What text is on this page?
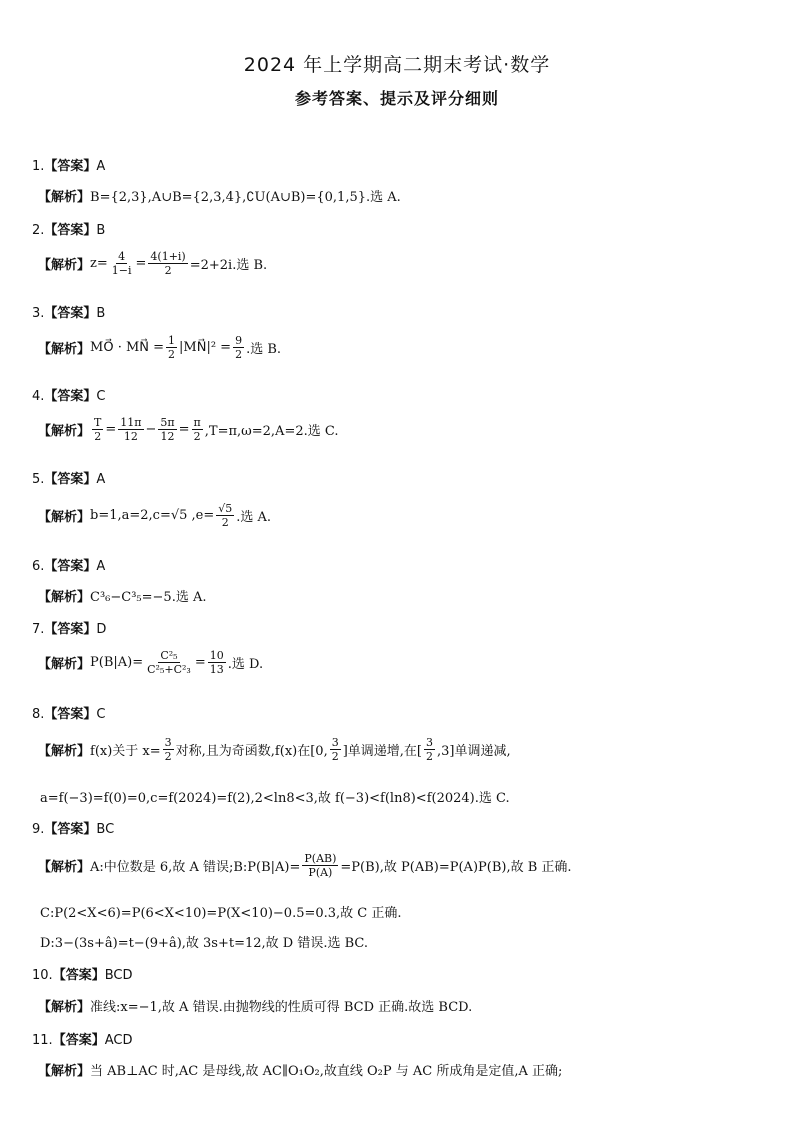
2024 年上学期高二期末考试·数学
参考答案、提示及评分细则
1.【答案】A
【解析】 B={2,3},A∪B={2,3,4},∁U(A∪B)={0,1,5}.选 A.
2.【答案】B
【解析】 $z= \frac{4}{1-i} = \frac{4(1+i)}{2} =2+2i$.选 B.
3.【答案】B
【解析】 MO⃗ · MN⃗ = $\frac{1}{2}$ |MN⃗|² = $\frac{9}{2}$ .选 B.
4.【答案】C
【解析】 $\frac{T}{2} = \frac{11\pi}{12} - \frac{5\pi}{12} = \frac{\pi}{2} ,T=\pi,\omega=2,A=2$.选 C.
5.【答案】A
【解析】 b=1,a=2,c=√5 $,e= \frac{√5}{2}$ .选 A.
6.【答案】A
【解析】 C³₆−C³₅=−5.选 A.
7.【答案】D
【解析】 $P(B|A)= \frac{\text{C²₅}}{\text{C²₅+C²₃}} = \frac{10}{13}$ .选 D.
8.【答案】C
【解析】 f(x)关于 $x= \frac{3}{2}$ 对称,且为奇函数,f(x)在[0, $\frac{3}{2}$ ]单调递增,在[ $\frac{3}{2} ,3$]单调递减,
a=f(−3)=f(0)=0,c=f(2024)=f(2),2<ln8<3,故 f(−3)<f(ln8)<f(2024).选 C.
9.【答案】BC
【解析】 A:中位数是 6,故 A 错误;B:P(B|A)= $\frac{P(AB)}{P(A)} =P(B)$,故 P(AB)=P(A)P(B),故 B 正确.
C:P(2<X<6)=P(6<X<10)=P(X<10)−0.5=0.3,故 C 正确.
D:3−(3s+â)=t−(9+â),故 3s+t=12,故 D 错误.选 BC.
10.【答案】BCD
【解析】 准线:x=−1,故 A 错误.由抛物线的性质可得 BCD 正确.故选 BCD.
11.【答案】ACD
【解析】 当 AB⊥AC 时,AC 是母线,故 AC∥O₁O₂,故直线 O₂P 与 AC 所成角是定值,A 正确;
